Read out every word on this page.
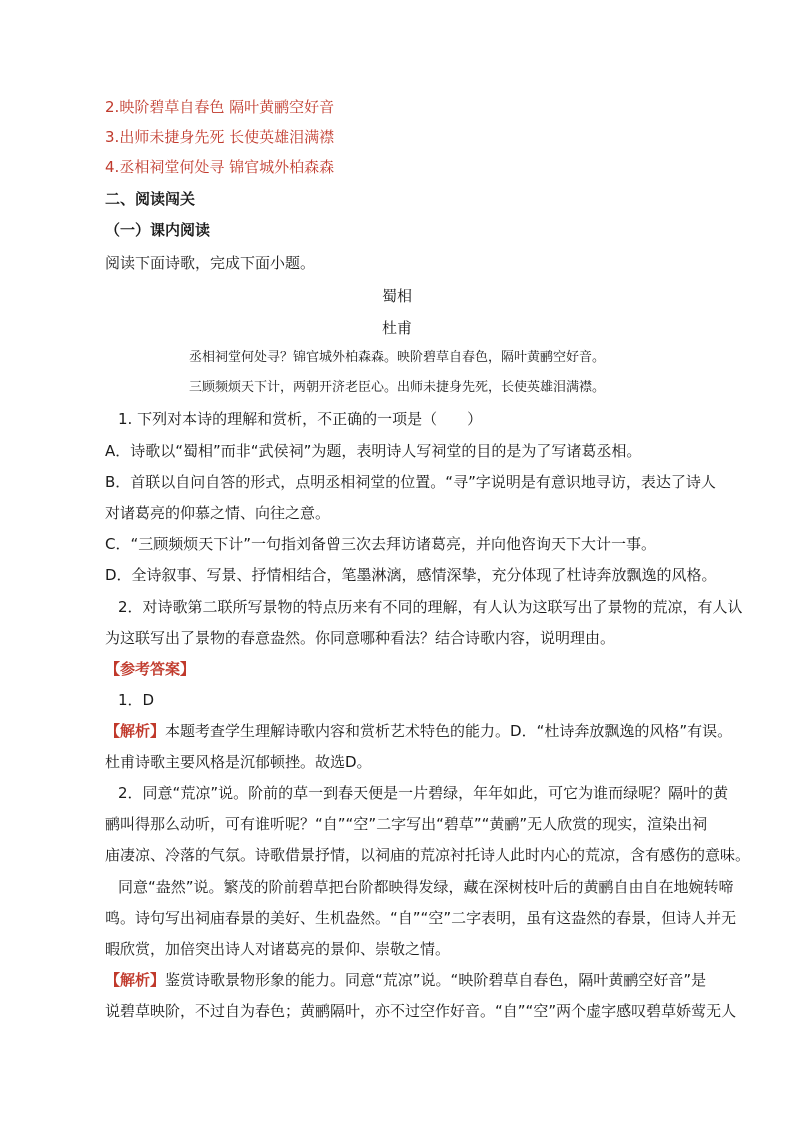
2.映阶碧草自春色 隔叶黄鹂空好音
3.出师未捷身先死 长使英雄泪满襟
4.丞相祠堂何处寻 锦官城外柏森森
二、阅读闯关
（一）课内阅读
阅读下面诗歌，完成下面小题。
蜀相
杜甫
丞相祠堂何处寻？锦官城外柏森森。映阶碧草自春色，隔叶黄鹂空好音。
三顾频烦天下计，两朝开济老臣心。出师未捷身先死，长使英雄泪满襟。
1. 下列对本诗的理解和赏析，不正确的一项是（　　）
A．诗歌以“蜀相”而非“武侯祠”为题，表明诗人写祠堂的目的是为了写诸葛丞相。
B．首联以自问自答的形式，点明丞相祠堂的位置。“寻”字说明是有意识地寻访，表达了诗人
对诸葛亮的仰慕之情、向往之意。
C．“三顾频烦天下计”一句指刘备曾三次去拜访诸葛亮，并向他咨询天下大计一事。
D．全诗叙事、写景、抒情相结合，笔墨淋漓，感情深挚，充分体现了杜诗奔放飘逸的风格。
2．对诗歌第二联所写景物的特点历来有不同的理解，有人认为这联写出了景物的荒凉，有人认
为这联写出了景物的春意盎然。你同意哪种看法？结合诗歌内容，说明理由。
【参考答案】
1．D
【解析】本题考查学生理解诗歌内容和赏析艺术特色的能力。D．“杜诗奔放飘逸的风格”有误。
杜甫诗歌主要风格是沉郁顿挫。故选D。
2．同意“荒凉”说。阶前的草一到春天便是一片碧绿，年年如此，可它为谁而绿呢？隔叶的黄
鹂叫得那么动听，可有谁听呢？“自”“空”二字写出“碧草”“黄鹂”无人欣赏的现实，渲染出祠
庙凄凉、冷落的气氛。诗歌借景抒情，以祠庙的荒凉衬托诗人此时内心的荒凉，含有感伤的意味。
同意“盎然”说。繁茂的阶前碧草把台阶都映得发绿，藏在深树枝叶后的黄鹂自由自在地婉转啼
鸣。诗句写出祠庙春景的美好、生机盎然。“自”“空”二字表明，虽有这盎然的春景，但诗人并无
暇欣赏，加倍突出诗人对诸葛亮的景仰、崇敬之情。
【解析】鉴赏诗歌景物形象的能力。同意“荒凉”说。“映阶碧草自春色，隔叶黄鹂空好音”是
说碧草映阶，不过自为春色；黄鹂隔叶，亦不过空作好音。“自”“空”两个虚字感叹碧草娇莺无人
